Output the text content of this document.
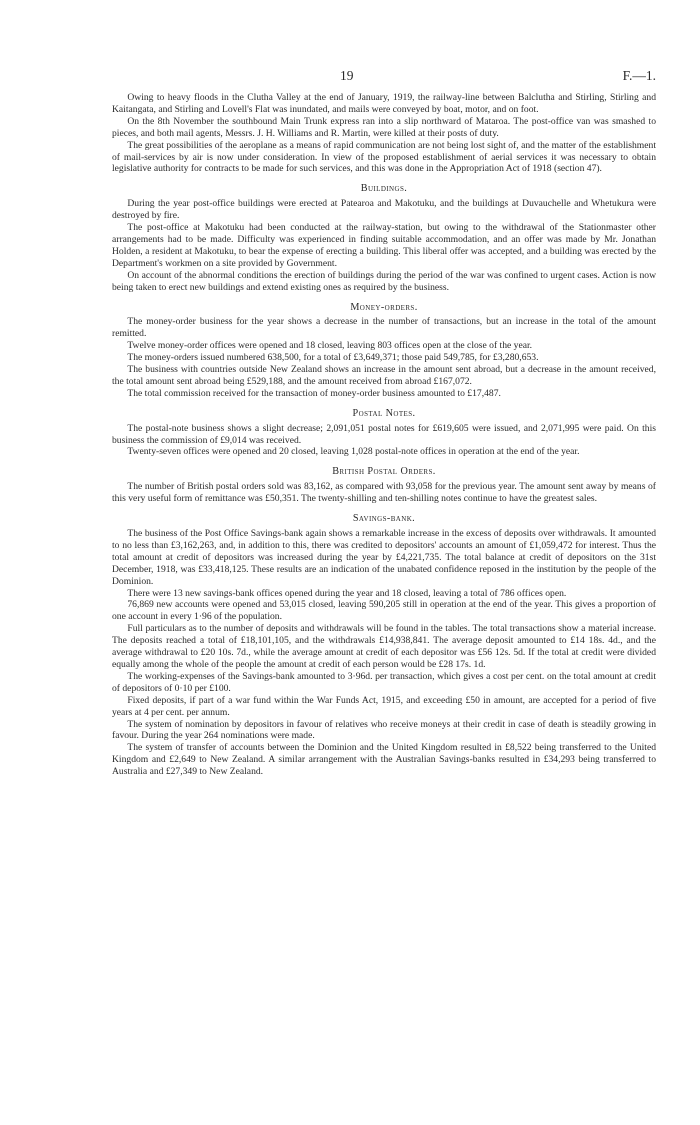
19	F.—1.

Owing to heavy floods in the Clutha Valley at the end of January, 1919, the railway-line between Balclutha and Stirling, Stirling and Kaitangata, and Stirling and Lovell's Flat was inundated, and mails were conveyed by boat, motor, and on foot.

On the 8th November the southbound Main Trunk express ran into a slip northward of Mataroa. The post-office van was smashed to pieces, and both mail agents, Messrs. J. H. Williams and R. Martin, were killed at their posts of duty.

The great possibilities of the aeroplane as a means of rapid communication are not being lost sight of, and the matter of the establishment of mail-services by air is now under consideration. In view of the proposed establishment of aerial services it was necessary to obtain legislative authority for contracts to be made for such services, and this was done in the Appropriation Act of 1918 (section 47).

Buildings.

During the year post-office buildings were erected at Patearoa and Makotuku, and the buildings at Duvauchelle and Whetukura were destroyed by fire.

The post-office at Makotuku had been conducted at the railway-station, but owing to the withdrawal of the Stationmaster other arrangements had to be made. Difficulty was experienced in finding suitable accommodation, and an offer was made by Mr. Jonathan Holden, a resident at Makotuku, to bear the expense of erecting a building. This liberal offer was accepted, and a building was erected by the Department's workmen on a site provided by Government.

On account of the abnormal conditions the erection of buildings during the period of the war was confined to urgent cases. Action is now being taken to erect new buildings and extend existing ones as required by the business.

Money-orders.

The money-order business for the year shows a decrease in the number of transactions, but an increase in the total of the amount remitted.

Twelve money-order offices were opened and 18 closed, leaving 803 offices open at the close of the year.

The money-orders issued numbered 638,500, for a total of £3,649,371; those paid 549,785, for £3,280,653.

The business with countries outside New Zealand shows an increase in the amount sent abroad, but a decrease in the amount received, the total amount sent abroad being £529,188, and the amount received from abroad £167,072.

The total commission received for the transaction of money-order business amounted to £17,487.

Postal Notes.

The postal-note business shows a slight decrease; 2,091,051 postal notes for £619,605 were issued, and 2,071,995 were paid. On this business the commission of £9,014 was received.

Twenty-seven offices were opened and 20 closed, leaving 1,028 postal-note offices in operation at the end of the year.

British Postal Orders.

The number of British postal orders sold was 83,162, as compared with 93,058 for the previous year. The amount sent away by means of this very useful form of remittance was £50,351. The twenty-shilling and ten-shilling notes continue to have the greatest sales.

Savings-bank.

The business of the Post Office Savings-bank again shows a remarkable increase in the excess of deposits over withdrawals. It amounted to no less than £3,162,263, and, in addition to this, there was credited to depositors' accounts an amount of £1,059,472 for interest. Thus the total amount at credit of depositors was increased during the year by £4,221,735. The total balance at credit of depositors on the 31st December, 1918, was £33,418,125. These results are an indication of the unabated confidence reposed in the institution by the people of the Dominion.

There were 13 new savings-bank offices opened during the year and 18 closed, leaving a total of 786 offices open.

76,869 new accounts were opened and 53,015 closed, leaving 590,205 still in operation at the end of the year. This gives a proportion of one account in every 1·96 of the population.

Full particulars as to the number of deposits and withdrawals will be found in the tables. The total transactions show a material increase. The deposits reached a total of £18,101,105, and the withdrawals £14,938,841. The average deposit amounted to £14 18s. 4d., and the average withdrawal to £20 10s. 7d., while the average amount at credit of each depositor was £56 12s. 5d. If the total at credit were divided equally among the whole of the people the amount at credit of each person would be £28 17s. 1d.

The working-expenses of the Savings-bank amounted to 3·96d. per transaction, which gives a cost per cent. on the total amount at credit of depositors of 0·10 per £100.

Fixed deposits, if part of a war fund within the War Funds Act, 1915, and exceeding £50 in amount, are accepted for a period of five years at 4 per cent. per annum.

The system of nomination by depositors in favour of relatives who receive moneys at their credit in case of death is steadily growing in favour. During the year 264 nominations were made.

The system of transfer of accounts between the Dominion and the United Kingdom resulted in £8,522 being transferred to the United Kingdom and £2,649 to New Zealand. A similar arrangement with the Australian Savings-banks resulted in £34,293 being transferred to Australia and £27,349 to New Zealand.
